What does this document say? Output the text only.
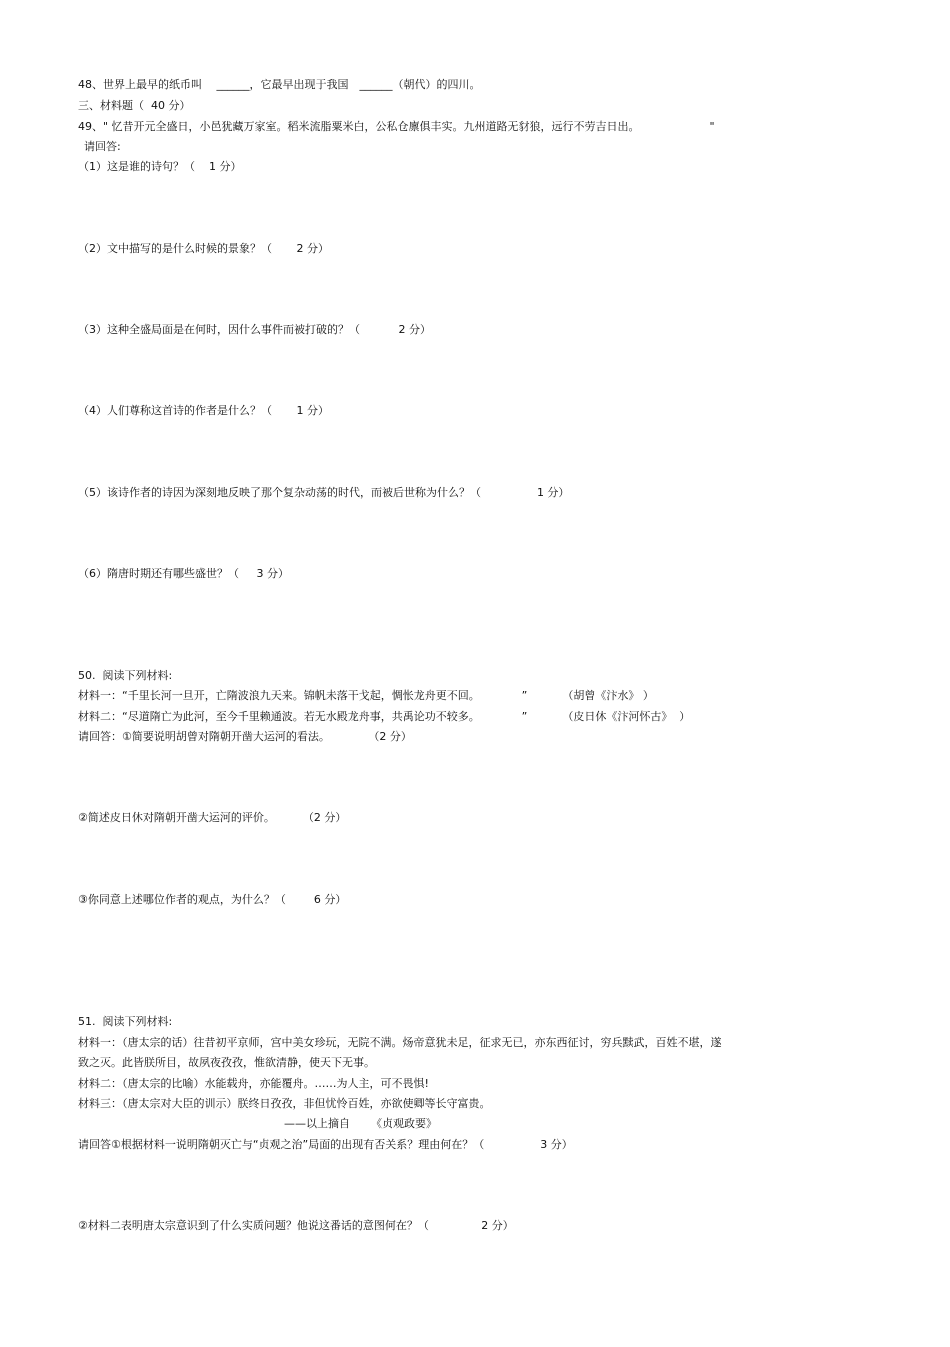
48、世界上最早的纸币叫　 ______，它最早出现于我国　______（朝代）的四川。
三、材料题（  40 分）
49、" 忆昔开元全盛日，小邑犹藏万家室。稻米流脂粟米白，公私仓廪俱丰实。九州道路无豺狼，远行不劳吉日出。                    "
请回答:
（1）这是谁的诗句？（    1 分）
（2）文中描写的是什么时候的景象？（       2 分）
（3）这种全盛局面是在何时，因什么事件而被打破的？（           2 分）
（4）人们尊称这首诗的作者是什么？（       1 分）
（5）该诗作者的诗因为深刻地反映了那个复杂动荡的时代，而被后世称为什么？（                1 分）
（6）隋唐时期还有哪些盛世？（     3 分）
50.  阅读下列材料:
材料一：“千里长河一旦开，亡隋波浪九天来。锦帆未落干戈起，惆怅龙舟更不回。            ”          （胡曾《汴水》 ）
材料二：“尽道隋亡为此河，至今千里赖通波。若无水殿龙舟事，共禹论功不较多。            ”          （皮日休《汴河怀古》  ）
请回答：①简要说明胡曾对隋朝开凿大运河的看法。           （2 分）
②简述皮日休对隋朝开凿大运河的评价。        （2 分）
③你同意上述哪位作者的观点，为什么？（        6 分）
51.  阅读下列材料:
材料一：（唐太宗的话）往昔初平京师，宫中美女珍玩，无院不满。炀帝意犹未足，征求无已，亦东西征讨，穷兵黩武，百姓不堪，遂
致之灭。此皆朕所目，故夙夜孜孜，惟欲清静，使天下无事。
材料二：（唐太宗的比喻）水能载舟，亦能覆舟。……为人主，可不畏惧!
材料三：（唐太宗对大臣的训示）朕终日孜孜，非但忧怜百姓，亦欲使卿等长守富贵。
——以上摘自      《贞观政要》
请回答①根据材料一说明隋朝灭亡与“贞观之治”局面的出现有否关系？理由何在？（                3 分）
②材料二表明唐太宗意识到了什么实质问题？他说这番话的意图何在？（               2 分）
